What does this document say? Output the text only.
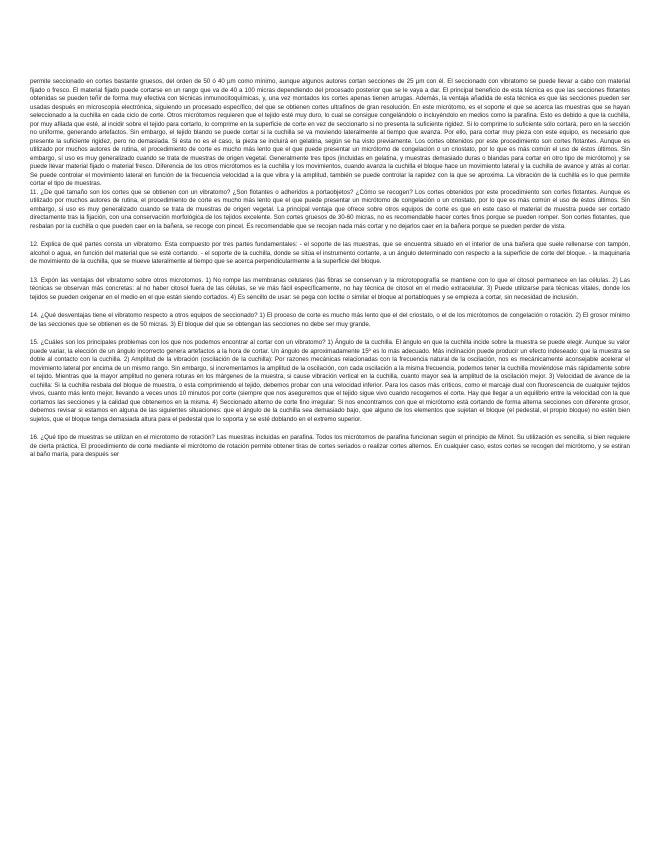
permite seccionado en cortes bastante gruesos, del orden de 50 ó 40 µm como mínimo, aunque algunos autores cortan secciones de 25 µm con él. El seccionado con vibratomo se puede llevar a cabo con material fijado o fresco. El material fijado puede cortarse en un rango que va de 40 a 100 micras dependiendo del procesado posterior que se le vaya a dar. El principal beneficio de esta técnica es que las secciones flotantes obtenidas se pueden teñir de forma muy efectiva con técnicas inmunocitoquímicas, y, una vez montados los cortes apenas tienen arrugas. Además, la ventaja añadida de esta técnica es que las secciones pueden ser usadas después en microscopía electrónica, siguiendo un procesado específico, del que se obtienen cortes ultrafinos de gran resolución. En este micrótomo, es el soporte el que se acerca las muestras que se hayan seleccionado a la cuchilla en cada ciclo de corte. Otros micrótomos requieren que el tejido esté muy duro, lo cual se consigue congelándolo o incluyéndolo en medios como la parafina. Esto es debido a que la cuchilla, por muy afilada que esté, al incidir sobre el tejido para cortarlo, lo comprime en la superficie de corte en vez de seccionarlo si no presenta la suficiente rigidez. Si lo comprime lo suficiente sólo cortará, pero en la sección no uniforme, generando artefactos. Sin embargo, el tejido blando se puede cortar si la cuchilla se va moviendo lateralmente al tiempo que avanza. Por ello, para cortar muy pieza con este equipo, es necesario que presente la suficiente rigidez, pero no demasiada. Si ésta no es el caso, la pieza se incluirá en gelatina, según se ha visto previamente. Los cortes obtenidos por este procedimiento son cortes flotantes. Aunque es utilizado por muchos autores de rutina, el procedimiento de corte es mucho más lento que el que puede presentar un micrótomo de congelación o un criostato, por lo que es más común el uso de éstos últimos. Sin embargo, sí uso es muy generalizado cuando se trata de muestras de origen vegetal. Generalmente tres tipos (incluidas en gelatina, y muestras demasiado duras o blandas para cortar en otro tipo de micrótomo) y se puede llevar material fijado o material fresco. Diferencia de los otros micrótomos es la cuchilla y los movimientos, cuando avanza la cuchilla el bloque hace un movimiento lateral y la cuchilla de avance y atrás al cortar. Se puede controlar el movimiento lateral en función de la frecuencia velocidad a la que vibra y la amplitud, también se puede controlar la rapidez con la que se aproxima. La vibración de la cuchilla es lo que permite cortar el tipo de muestras.

11. ¿De qué tamaño son los cortes que se obtienen con un vibratomo? ¿Son flotantes o adheridos a portaobjetos? ¿Cómo se recogen? Los cortes obtenidos por este procedimiento son cortes flotantes. Aunque es utilizado por muchos autores de rutina, el procedimiento de corte es mucho más lento que el que puede presentar un micrótomo de congelación o un criostato, por lo que es más común el uso de éstos últimos. Sin embargo, sí uso es muy generalizado cuando se trata de muestras de origen vegetal. La principal ventaja que ofrece sobre otros equipos de corte es que en este caso el material de muestra puede ser cortado directamente tras la fijación, con una conservación morfológica de los tejidos excelente. Son cortes gruesos de 30-60 micras, no es recomendable hacer cortes finos porque se pueden romper. Son cortes flotantes, que resbalan por la cuchilla o que pueden caer en la bañera, se recoge con pincel. Es recomendable que se recojan nada más cortar y no dejarlos caer en la bañera porque se pueden perder de vista.

12. Explica de qué partes consta un vibratomo. Esta compuesto por tres partes fundamentales: - el soporte de las muestras, que se encuentra situado en el interior de una bañera que suele rellenarse con tampón, alcohol o agua, en función del material que se esté cortando. - el soporte de la cuchilla, donde se sitúa el instrumento cortante, a un ángulo determinado con respecto a la superficie de corte del bloque. - la maquinaria de movimiento de la cuchilla, que se mueve lateralmente al tiempo que se acerca perpendicularmente a la superficie del bloque.

13. Expón las ventajas del vibratomo sobre otros microtomos. 1) No rompe las membranas celulares (las fibras se conservan y la microtopografía se mantiene con lo que el citosol permanece en las células. 2) Las técnicas se observan más concretas: al no haber citosol fuera de las células, se ve más fácil específicamente, no hay técnica de citosol en el medio extracelular. 3) Puede utilizarse para técnicas vitales, donde los tejidos se pueden oxigenar en el medio en el que están siendo cortados. 4) Es sencillo de usar: se pega con loctite o similar el bloque al portabloques y se empieza a cortar, sin necesidad de inclusión.

14. ¿Qué desventajas tiene el vibratomo respecto a otros equipos de seccionado? 1) El proceso de corte es mucho más lento que el del criostato, o el de los micrótomos de congelación o rotación. 2) El grosor mínimo de las secciones que se obtienen es de 50 micras. 3) El bloque del que se obtengan las secciones no debe ser muy grande.

15. ¿Cuáles son los principales problemas con los que nos podemos encontrar al cortar con un vibratomo? 1) Ángulo de la cuchilla. El ángulo en que la cuchilla incide sobre la muestra se puede elegir. Aunque su valor puede variar, la elección de un ángulo incorrecto genera artefactos a la hora de cortar. Un ángulo de aproximadamente 15º es lo más adecuado. Más inclinación puede producir un efecto indeseado: que la muestra se doble al contacto con la cuchilla. 2) Amplitud de la vibración (oscilación de la cuchilla): Por razones mecánicas relacionadas con la frecuencia natural de la oscilación, nos es mecánicamente aconsejable acelerar el movimiento lateral por encima de un mismo rango. Sin embargo, si incrementamos la amplitud de la oscilación, con cada oscilación a la misma frecuencia, podemos tener la cuchilla moviéndose más rápidamente sobre el tejido. Mientras que la mayor amplitud no genera roturas en los márgenes de la muestra, si cause vibración vertical en la cuchilla, cuanto mayor sea la amplitud de la oscilación mejor. 3) Velocidad de avance de la cuchilla: Si la cuchilla resbala del bloque de muestra, o esta comprimiendo el tejido, debemos probar con una velocidad inferior. Para los casos más críticos, como el marcaje dual con fluorescencia de cualquier tejidos vivos, cuanto más lento mejor, llevando a veces unos 10 minutos por corte (siempre que nos aseguremos que el tejido sigue vivo cuando recogemos el corte. Hay que llegar a un equilibrio entre la velocidad con la que cortamos las secciones y la calidad que obtenemos en la misma. 4) Seccionado alterno de corte fino irregular: Si nos encontramos con que el micrótomo está cortando de forma alterna secciones con diferente grosor, debemos revisar si estamos en alguna de las siguientes situaciones: que el ángulo de la cuchilla sea demasiado bajo, que alguno de los elementos que sujetan el bloque (el pedestal, el propio bloque) no estén bien sujetos, que el bloque tenga demasiada altura para el pedestal que lo soporta y se esté doblando en el extremo superior.

16. ¿Qué tipo de muestras se utilizan en el microtomo de rotación? Las muestras incluidas en parafina. Todos los micrótomos de parafina funcionan según el principio de Minot. Su utilización es sencilla, si bien requiere de cierta práctica. El procedimiento de corte mediante el micrótomo de rotación permite obtener tiras de cortes seriados o realizar cortes alternos. En cualquier caso, estos cortes se recogen del micrótomo, y se estiran al baño maría, para después ser
